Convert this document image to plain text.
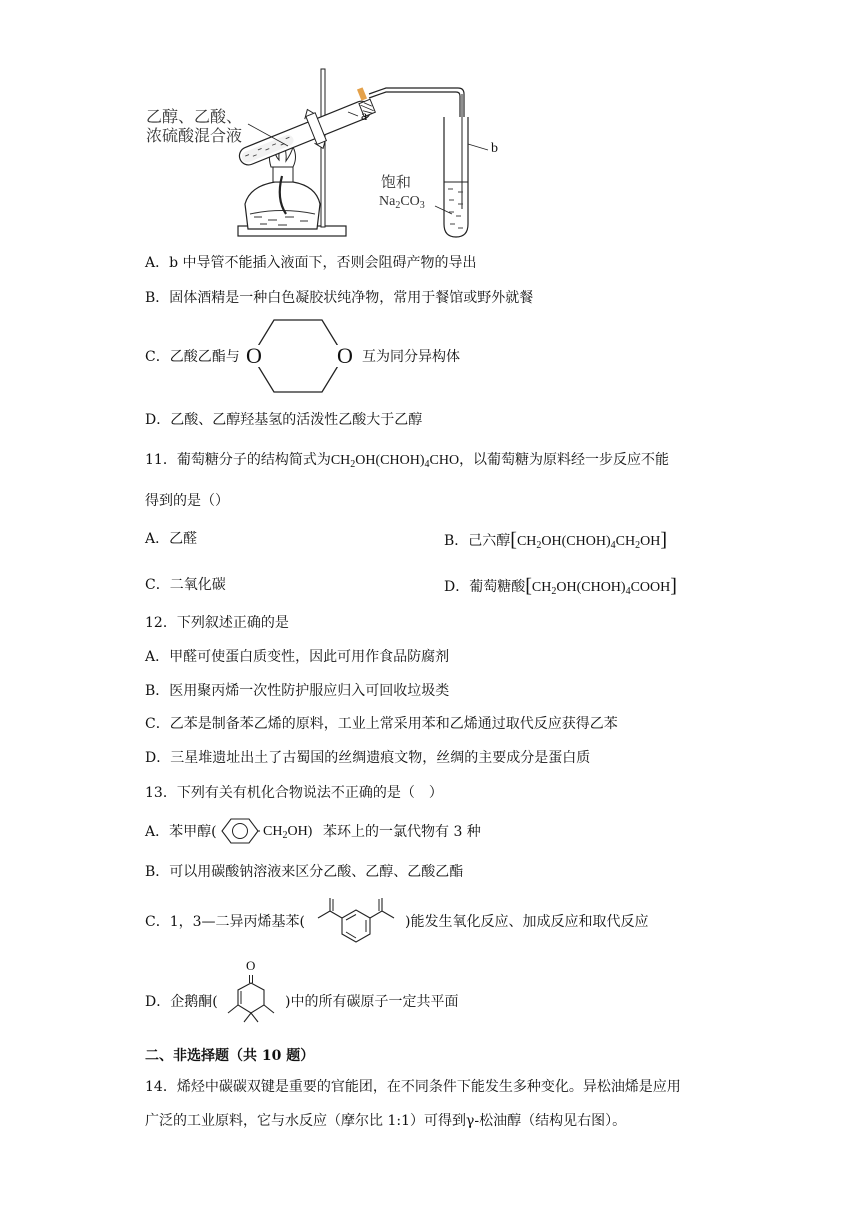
乙醇、乙酸、
浓硫酸混合液
a
b
饱和
$Na_2CO_3$
A．b 中导管不能插入液面下，否则会阻碍产物的导出
B．固体酒精是一种白色凝胶状纯净物，常用于餐馆或野外就餐
C．乙酸乙酯与 O	O 互为同分异构体
D．乙酸、乙醇羟基氢的活泼性乙酸大于乙醇
11．葡萄糖分子的结构简式为$CH_2OH(CHOH)_4CHO$，以葡萄糖为原料经一步反应不能
得到的是（）
A．乙醛	B．己六醇$[CH_2OH(CHOH)_4CH_2OH]$
C．二氧化碳	D．葡萄糖酸$[CH_2OH(CHOH)_4COOH]$
12．下列叙述正确的是
A．甲醛可使蛋白质变性，因此可用作食品防腐剂
B．医用聚丙烯一次性防护服应归入可回收垃圾类
C．乙苯是制备苯乙烯的原料，工业上常采用苯和乙烯通过取代反应获得乙苯
D．三星堆遗址出土了古蜀国的丝绸遗痕文物，丝绸的主要成分是蛋白质
13．下列有关有机化合物说法不正确的是（　）
A．苯甲醇(	$CH_2OH$) 苯环上的一氯代物有 3 种
B．可以用碳酸钠溶液来区分乙酸、乙醇、乙酸乙酯
C．1，3—二异丙烯基苯(	)能发生氧化反应、加成反应和取代反应
D．企鹅酮(
O
)中的所有碳原子一定共平面
二、非选择题（共 10 题）
14．烯烃中碳碳双键是重要的官能团，在不同条件下能发生多种变化。异松油烯是应用
广泛的工业原料，它与水反应（摩尔比 1:1）可得到γ-松油醇（结构见右图）。
